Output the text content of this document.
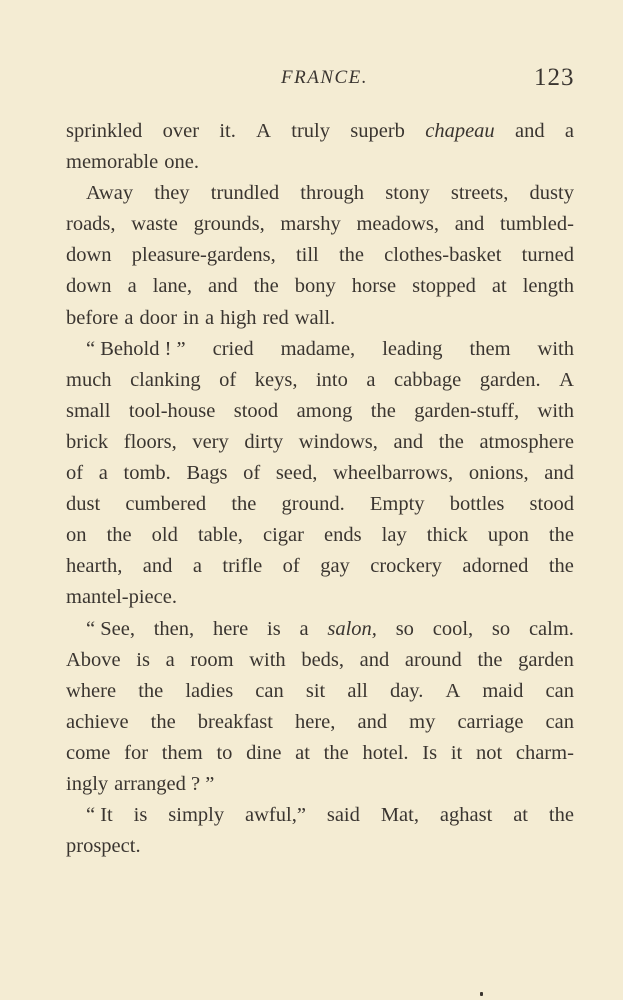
FRANCE.	123
sprinkled over it. A truly superb chapeau and a
memorable one.
Away they trundled through stony streets, dusty
roads, waste grounds, marshy meadows, and tumbled-
down pleasure-gardens, till the clothes-basket turned
down a lane, and the bony horse stopped at length
before a door in a high red wall.
“ Behold ! ” cried madame, leading them with
much clanking of keys, into a cabbage garden. A
small tool-house stood among the garden-stuff, with
brick floors, very dirty windows, and the atmosphere
of a tomb. Bags of seed, wheelbarrows, onions, and
dust cumbered the ground. Empty bottles stood
on the old table, cigar ends lay thick upon the
hearth, and a trifle of gay crockery adorned the
mantel-piece.
“ See, then, here is a salon, so cool, so calm.
Above is a room with beds, and around the garden
where the ladies can sit all day. A maid can
achieve the breakfast here, and my carriage can
come for them to dine at the hotel. Is it not charm-
ingly arranged ? ”
“ It is simply awful,” said Mat, aghast at the
prospect.
